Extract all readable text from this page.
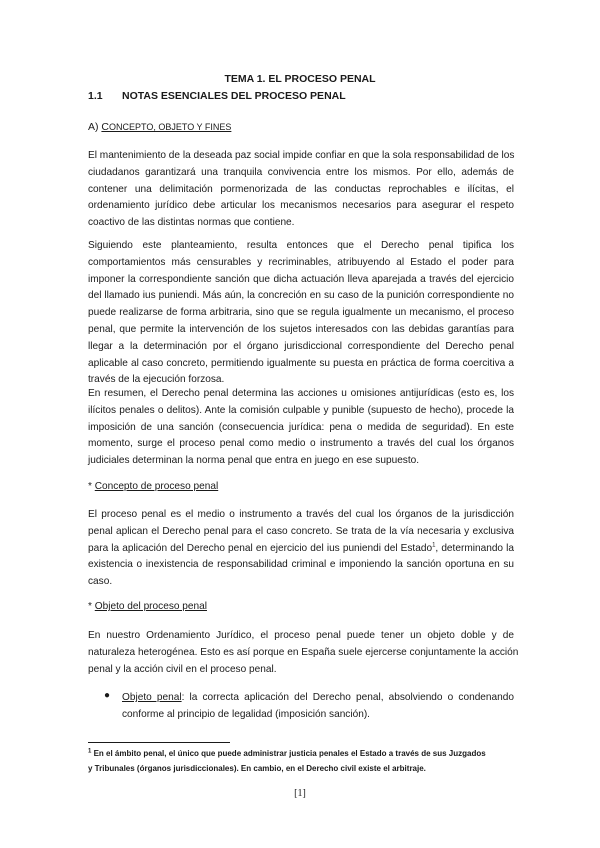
TEMA 1. EL PROCESO PENAL
1.1 NOTAS ESENCIALES DEL PROCESO PENAL
A) CONCEPTO, OBJETO Y FINES
El mantenimiento de la deseada paz social impide confiar en que la sola responsabilidad de los
ciudadanos garantizará una tranquila convivencia entre los mismos. Por ello, además de
contener una delimitación pormenorizada de las conductas reprochables e ilícitas, el
ordenamiento jurídico debe articular los mecanismos necesarios para asegurar el respeto
coactivo de las distintas normas que contiene.
Siguiendo este planteamiento, resulta entonces que el Derecho penal tipifica los
comportamientos más censurables y recriminables, atribuyendo al Estado el poder para
imponer la correspondiente sanción que dicha actuación lleva aparejada a través del ejercicio
del llamado ius puniendi. Más aún, la concreción en su caso de la punición correspondiente no
puede realizarse de forma arbitraria, sino que se regula igualmente un mecanismo, el proceso
penal, que permite la intervención de los sujetos interesados con las debidas garantías para
llegar a la determinación por el órgano jurisdiccional correspondiente del Derecho penal
aplicable al caso concreto, permitiendo igualmente su puesta en práctica de forma coercitiva a
través de la ejecución forzosa.
En resumen, el Derecho penal determina las acciones u omisiones antijurídicas (esto es, los
ilícitos penales o delitos). Ante la comisión culpable y punible (supuesto de hecho), procede la
imposición de una sanción (consecuencia jurídica: pena o medida de seguridad). En este
momento, surge el proceso penal como medio o instrumento a través del cual los órganos
judiciales determinan la norma penal que entra en juego en ese supuesto.
* Concepto de proceso penal
El proceso penal es el medio o instrumento a través del cual los órganos de la jurisdicción
penal aplican el Derecho penal para el caso concreto. Se trata de la vía necesaria y exclusiva
para la aplicación del Derecho penal en ejercicio del ius puniendi del Estado$^1$, determinando la
existencia o inexistencia de responsabilidad criminal e imponiendo la sanción oportuna en su
caso.
* Objeto del proceso penal
En nuestro Ordenamiento Jurídico, el proceso penal puede tener un objeto doble y de
naturaleza heterogénea. Esto es así porque en España suele ejercerse conjuntamente la acción
penal y la acción civil en el proceso penal.
● Objeto penal: la correcta aplicación del Derecho penal, absolviendo o condenando
conforme al principio de legalidad (imposición sanción).
$^1$ En el ámbito penal, el único que puede administrar justicia penales el Estado a través de sus Juzgados
y Tribunales (órganos jurisdiccionales). En cambio, en el Derecho civil existe el arbitraje.
[1]
